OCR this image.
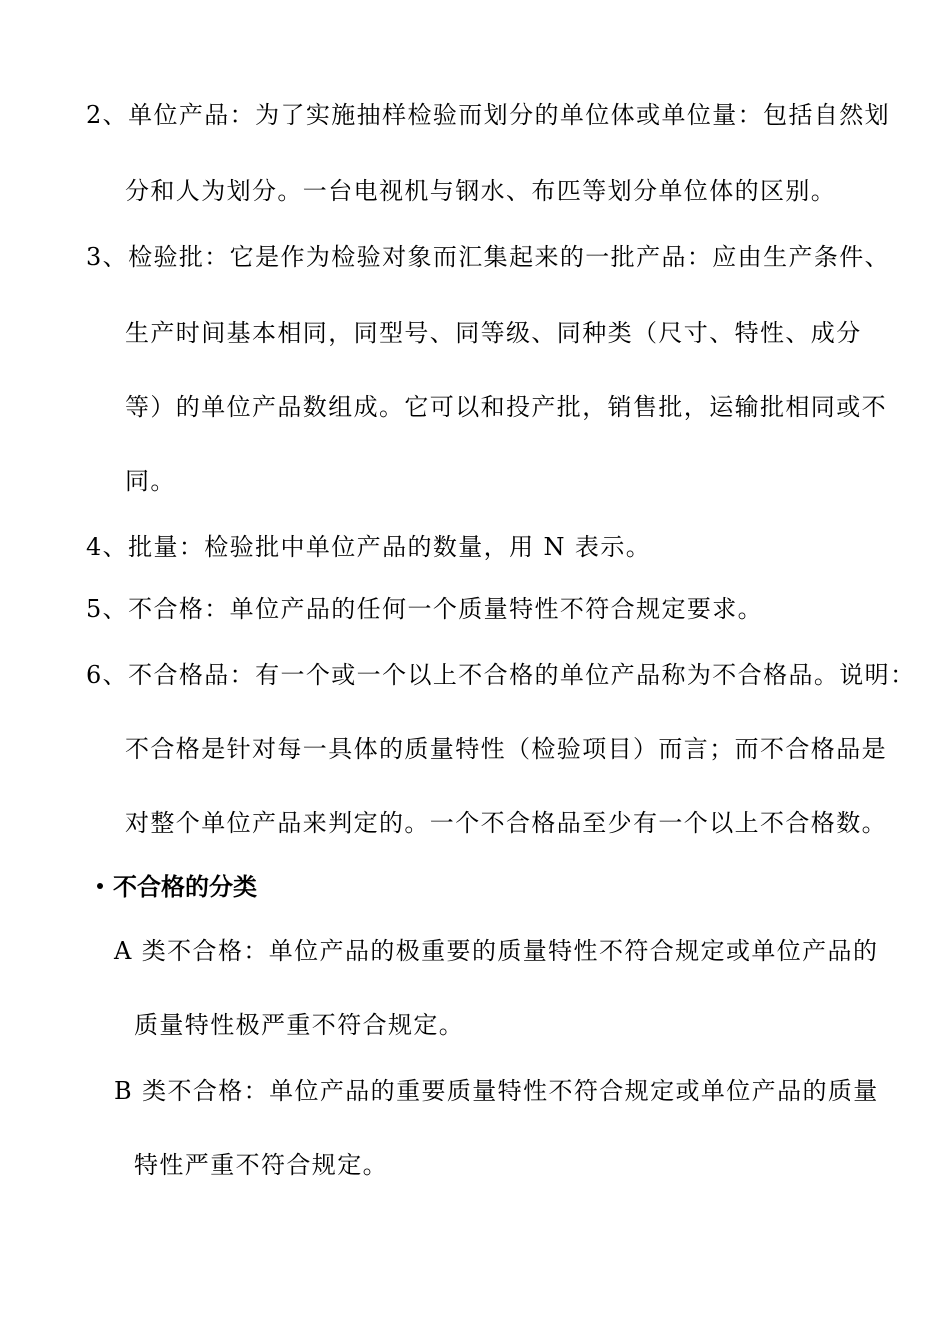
2、单位产品：为了实施抽样检验而划分的单位体或单位量：包括自然划
分和人为划分。一台电视机与钢水、布匹等划分单位体的区别。
3、检验批：它是作为检验对象而汇集起来的一批产品：应由生产条件、
生产时间基本相同，同型号、同等级、同种类（尺寸、特性、成分
等）的单位产品数组成。它可以和投产批，销售批，运输批相同或不
同。
4、批量：检验批中单位产品的数量，用 N 表示。
5、不合格：单位产品的任何一个质量特性不符合规定要求。
6、不合格品：有一个或一个以上不合格的单位产品称为不合格品。说明：
不合格是针对每一具体的质量特性（检验项目）而言；而不合格品是
对整个单位产品来判定的。一个不合格品至少有一个以上不合格数。
不合格的分类
A 类不合格：单位产品的极重要的质量特性不符合规定或单位产品的
质量特性极严重不符合规定。
B 类不合格：单位产品的重要质量特性不符合规定或单位产品的质量
特性严重不符合规定。
